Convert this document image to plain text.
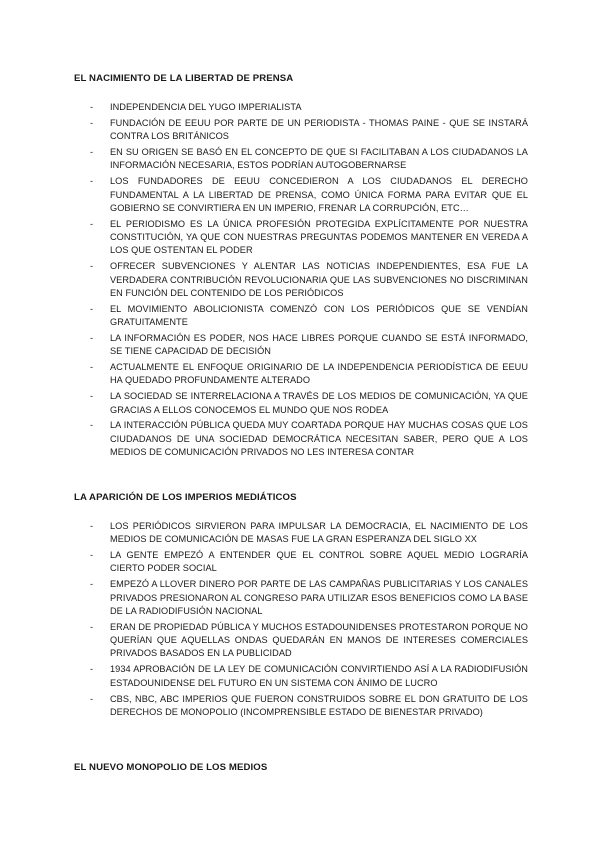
EL NACIMIENTO DE LA LIBERTAD DE PRENSA
-	INDEPENDENCIA DEL YUGO IMPERIALISTA
-	FUNDACIÓN DE EEUU POR PARTE DE UN PERIODISTA - THOMAS PAINE - QUE SE INSTARÁ CONTRA LOS BRITÁNICOS
-	EN SU ORIGEN SE BASÓ EN EL CONCEPTO DE QUE SI FACILITABAN A LOS CIUDADANOS LA INFORMACIÓN NECESARIA, ESTOS PODRÍAN AUTOGOBERNARSE
-	LOS FUNDADORES DE EEUU CONCEDIERON A LOS CIUDADANOS EL DERECHO FUNDAMENTAL A LA LIBERTAD DE PRENSA, COMO ÚNICA FORMA PARA EVITAR QUE EL GOBIERNO SE CONVIRTIERA EN UN IMPERIO, FRENAR LA CORRUPCIÓN, ETC…
-	EL PERIODISMO ES LA ÚNICA PROFESIÓN PROTEGIDA EXPLÍCITAMENTE POR NUESTRA CONSTITUCIÓN, YA QUE CON NUESTRAS PREGUNTAS PODEMOS MANTENER EN VEREDA A LOS QUE OSTENTAN EL PODER
-	OFRECER SUBVENCIONES Y ALENTAR LAS NOTICIAS INDEPENDIENTES, ESA FUE LA VERDADERA CONTRIBUCIÓN REVOLUCIONARIA QUE LAS SUBVENCIONES NO DISCRIMINAN EN FUNCIÓN DEL CONTENIDO DE LOS PERIÓDICOS
-	EL MOVIMIENTO ABOLICIONISTA COMENZÓ CON LOS PERIÓDICOS QUE SE VENDÍAN GRATUITAMENTE
-	LA INFORMACIÓN ES PODER, NOS HACE LIBRES PORQUE CUANDO SE ESTÁ INFORMADO, SE TIENE CAPACIDAD DE DECISIÓN
-	ACTUALMENTE EL ENFOQUE ORIGINARIO DE LA INDEPENDENCIA PERIODÍSTICA DE EEUU HA QUEDADO PROFUNDAMENTE ALTERADO
-	LA SOCIEDAD SE INTERRELACIONA A TRAVÉS DE LOS MEDIOS DE COMUNICACIÓN, YA QUE GRACIAS A ELLOS CONOCEMOS EL MUNDO QUE NOS RODEA
-	LA INTERACCIÓN PÚBLICA QUEDA MUY COARTADA PORQUE HAY MUCHAS COSAS QUE LOS CIUDADANOS DE UNA SOCIEDAD DEMOCRÁTICA NECESITAN SABER, PERO QUE A LOS MEDIOS DE COMUNICACIÓN PRIVADOS NO LES INTERESA CONTAR
LA APARICIÓN DE LOS IMPERIOS MEDIÁTICOS
-	LOS PERIÓDICOS SIRVIERON PARA IMPULSAR LA DEMOCRACIA, EL NACIMIENTO DE LOS MEDIOS DE COMUNICACIÓN DE MASAS FUE LA GRAN ESPERANZA DEL SIGLO XX
-	LA GENTE EMPEZÓ A ENTENDER QUE EL CONTROL SOBRE AQUEL MEDIO LOGRARÍA CIERTO PODER SOCIAL
-	EMPEZÓ A LLOVER DINERO POR PARTE DE LAS CAMPAÑAS PUBLICITARIAS Y LOS CANALES PRIVADOS PRESIONARON AL CONGRESO PARA UTILIZAR ESOS BENEFICIOS COMO LA BASE DE LA RADIODIFUSIÓN NACIONAL
-	ERAN DE PROPIEDAD PÚBLICA Y MUCHOS ESTADOUNIDENSES PROTESTARON PORQUE NO QUERÍAN QUE AQUELLAS ONDAS QUEDARÁN EN MANOS DE INTERESES COMERCIALES PRIVADOS BASADOS EN LA PUBLICIDAD
-	1934 APROBACIÓN DE LA LEY DE COMUNICACIÓN CONVIRTIENDO ASÍ A LA RADIODIFUSIÓN ESTADOUNIDENSE DEL FUTURO EN UN SISTEMA CON ÁNIMO DE LUCRO
-	CBS, NBC, ABC IMPERIOS QUE FUERON CONSTRUIDOS SOBRE EL DON GRATUITO DE LOS DERECHOS DE MONOPOLIO (INCOMPRENSIBLE ESTADO DE BIENESTAR PRIVADO)
EL NUEVO MONOPOLIO DE LOS MEDIOS
